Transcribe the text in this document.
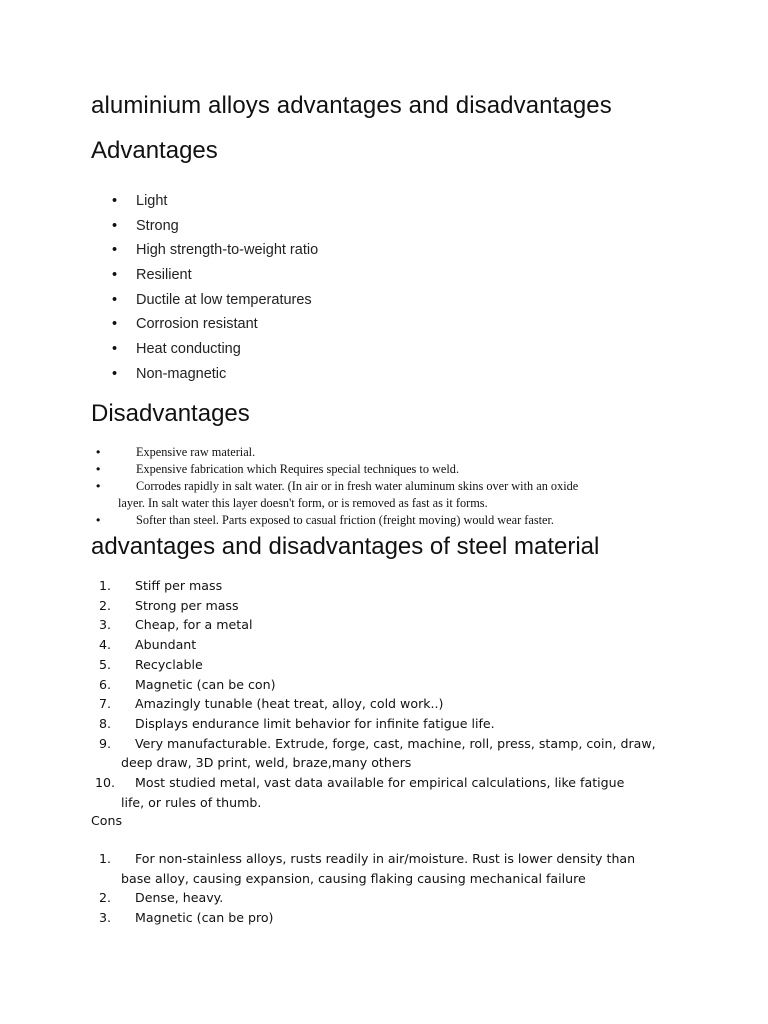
aluminium alloys advantages and disadvantages
Advantages
• Light
• Strong
• High strength-to-weight ratio
• Resilient
• Ductile at low temperatures
• Corrosion resistant
• Heat conducting
• Non-magnetic
Disadvantages
• Expensive raw material.
• Expensive fabrication which Requires special techniques to weld.
• Corrodes rapidly in salt water. (In air or in fresh water aluminum skins over with an oxide
layer. In salt water this layer doesn't form, or is removed as fast as it forms.
• Softer than steel. Parts exposed to casual friction (freight moving) would wear faster.
advantages and disadvantages of steel material
1. Stiff per mass
2. Strong per mass
3. Cheap, for a metal
4. Abundant
5. Recyclable
6. Magnetic (can be con)
7. Amazingly tunable (heat treat, alloy, cold work..)
8. Displays endurance limit behavior for infinite fatigue life.
9. Very manufacturable. Extrude, forge, cast, machine, roll, press, stamp, coin, draw,
deep draw, 3D print, weld, braze,many others
10. Most studied metal, vast data available for empirical calculations, like fatigue
life, or rules of thumb.
Cons
1. For non-stainless alloys, rusts readily in air/moisture. Rust is lower density than
base alloy, causing expansion, causing flaking causing mechanical failure
2. Dense, heavy.
3. Magnetic (can be pro)
